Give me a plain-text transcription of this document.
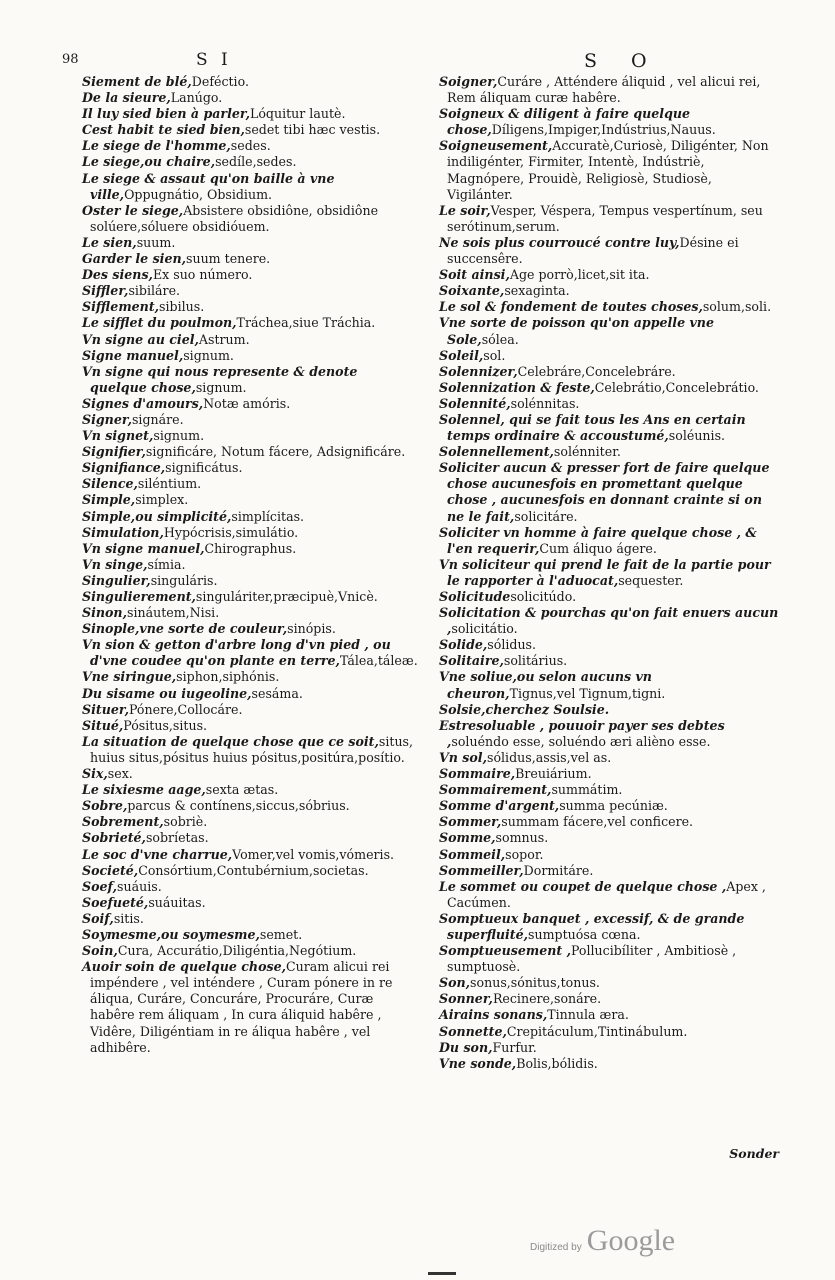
98	S I	S O

Siement de blé,Deféctio.

De la sieure,Lanúgo.

Il luy sied bien à parler,Lóquitur lautè.

Cest habit te sied bien,sedet tibi hæc vestis.

Le siege de l'homme,sedes.

Le siege,ou chaire,sedíle,sedes.

Le siege & assaut qu'on baille à vne ville,Oppugnátio, Obsidium.

Oster le siege,Absistere obsidiône, obsidiône solúere,sóluere obsidióuem.

Le sien,suum.

Garder le sien,suum tenere.

Des siens,Ex suo número.

Siffler,sibiláre.

Sifflement,sibilus.

Le sifflet du poulmon,Tráchea,siue Tráchia.

Vn signe au ciel,Astrum.

Signe manuel,signum.

Vn signe qui nous represente & denote quelque chose,signum.

Signes d'amours,Notæ amóris.

Signer,signáre.

Vn signet,signum.

Signifier,significáre, Notum fácere, Adsignificáre.

Signifiance,significátus.

Silence,siléntium.

Simple,simplex.

Simple,ou simplicité,simplícitas.

Simulation,Hypócrisis,simulátio.

Vn signe manuel,Chirographus.

Vn singe,símia.

Singulier,singuláris.

Singulierement,singuláriter,præcipuè,Vnicè.

Sinon,sináutem,Nisi.

Sinople,vne sorte de couleur,sinópis.

Vn sion & getton d'arbre long d'vn pied , ou d'vne coudee qu'on plante en terre,Tálea,táleæ.

Vne siringue,siphon,siphónis.

Du sisame ou iugeoline,sesáma.

Situer,Pónere,Collocáre.

Situé,Pósitus,situs.

La situation de quelque chose que ce soit,situs, huius situs,pósitus huius pósitus,positúra,posítio.

Six,sex.

Le sixiesme aage,sexta ætas.

Sobre,parcus & contínens,siccus,sóbrius.

Sobrement,sobriè.

Sobrieté,sobríetas.

Le soc d'vne charrue,Vomer,vel vomis,vómeris.

Societé,Consórtium,Contubérnium,societas.

Soef,suáuis.

Soefueté,suáuitas.

Soif,sitis.

Soymesme,ou soymesme,semet.

Soin,Cura, Accurátio,Diligéntia,Negótium.

Auoir soin de quelque chose,Curam alicui rei impéndere , vel inténdere , Curam pónere in re áliqua, Curáre, Concuráre, Procuráre, Curæ habêre rem áliquam , In cura áliquid habêre , Vidêre, Diligéntiam in re áliqua habêre , vel adhibêre.

Soigner,Curáre , Atténdere áliquid , vel alicui rei, Rem áliquam curæ habêre.

Soigneux & diligent à faire quelque chose,Díligens,Impiger,Indústrius,Nauus.

Soigneusement,Accuratè,Curiosè, Diligénter, Non indiligénter, Firmiter, Intentè, Indústriè, Magnópere, Prouidè, Religiosè, Studiosè, Vigilánter.

Le soir,Vesper, Véspera, Tempus vespertínum, seu serótinum,serum.

Ne sois plus courroucé contre luy,Désine ei succensêre.

Soit ainsi,Age porrò,licet,sit ita.

Soixante,sexaginta.

Le sol & fondement de toutes choses,solum,soli.

Vne sorte de poisson qu'on appelle vne Sole,sólea.

Soleil,sol.

Solennizer,Celebráre,Concelebráre.

Solennization & feste,Celebrátio,Concelebrátio.

Solennité,solénnitas.

Solennel, qui se fait tous les Ans en certain temps ordinaire & accoustumé,soléunis.

Solennellement,solénniter.

Soliciter aucun & presser fort de faire quelque chose aucunesfois en promettant quelque chose , aucunesfois en donnant crainte si on ne le fait,solicitáre.

Soliciter vn homme à faire quelque chose , & l'en requerir,Cum áliquo ágere.

Vn soliciteur qui prend le fait de la partie pour le rapporter à l'aduocat,sequester.

Solicitudesolicitúdo.

Solicitation & pourchas qu'on fait enuers aucun ,solicitátio.

Solide,sólidus.

Solitaire,solitárius.

Vne soliue,ou selon aucuns vn cheuron,Tignus,vel Tignum,tigni.

Solsie,cherchez Soulsie.

Estresoluable , pouuoir payer ses debtes ,soluéndo esse, soluéndo æri alièno esse.

Vn sol,sólidus,assis,vel as.

Sommaire,Breuiárium.

Sommairement,summátim.

Somme d'argent,summa pecúniæ.

Sommer,summam fácere,vel conficere.

Somme,somnus.

Sommeil,sopor.

Sommeiller,Dormitáre.

Le sommet ou coupet de quelque chose ,Apex , Cacúmen.

Somptueux banquet , excessif, & de grande superfluité,sumptuósa cœna.

Somptueusement ,Pollucibíliter , Ambitiosè , sumptuosè.

Son,sonus,sónitus,tonus.

Sonner,Recinere,sonáre.

Airains sonans,Tinnula æra.

Sonnette,Crepitáculum,Tintinábulum.

Du son,Furfur.

Vne sonde,Bolis,bólidis.

Sonder
Digitized by Google
